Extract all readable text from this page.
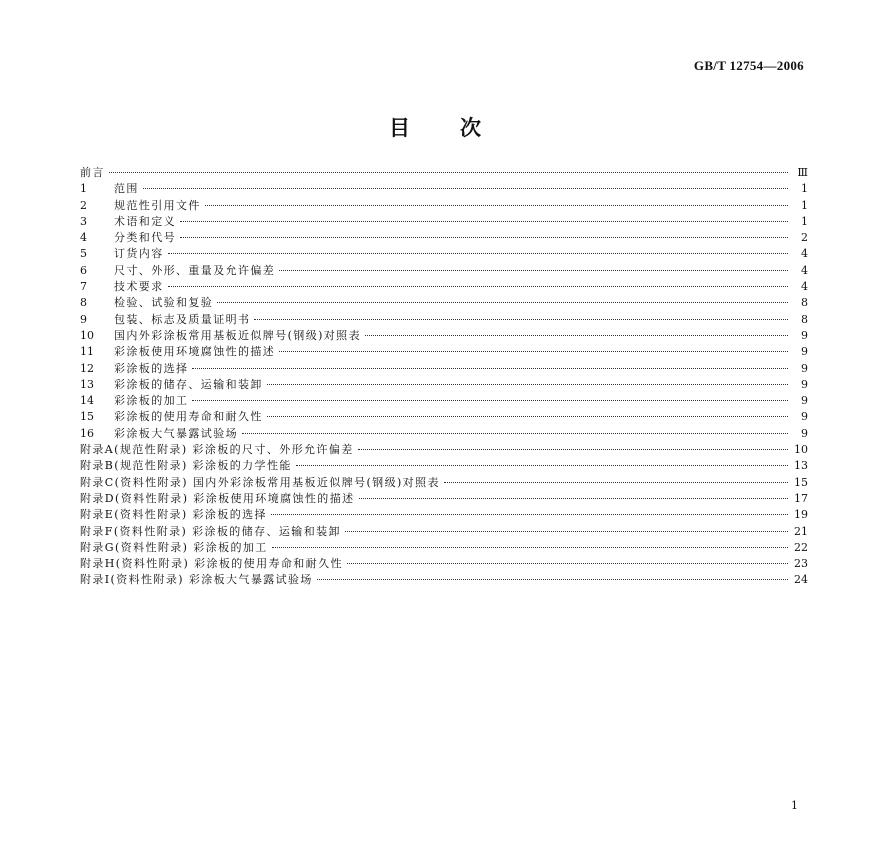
GB/T 12754—2006
目次
前言	Ⅲ
1	范围	1
2	规范性引用文件	1
3	术语和定义	1
4	分类和代号	2
5	订货内容	4
6	尺寸、外形、重量及允许偏差	4
7	技术要求	4
8	检验、试验和复验	8
9	包装、标志及质量证明书	8
10	国内外彩涂板常用基板近似牌号(钢级)对照表	9
11	彩涂板使用环境腐蚀性的描述	9
12	彩涂板的选择	9
13	彩涂板的储存、运输和装卸	9
14	彩涂板的加工	9
15	彩涂板的使用寿命和耐久性	9
16	彩涂板大气暴露试验场	9
附录A(规范性附录) 彩涂板的尺寸、外形允许偏差	10
附录B(规范性附录) 彩涂板的力学性能	13
附录C(资料性附录) 国内外彩涂板常用基板近似牌号(钢级)对照表	15
附录D(资料性附录) 彩涂板使用环境腐蚀性的描述	17
附录E(资料性附录) 彩涂板的选择	19
附录F(资料性附录) 彩涂板的储存、运输和装卸	21
附录G(资料性附录) 彩涂板的加工	22
附录H(资料性附录) 彩涂板的使用寿命和耐久性	23
附录I(资料性附录) 彩涂板大气暴露试验场	24
1
